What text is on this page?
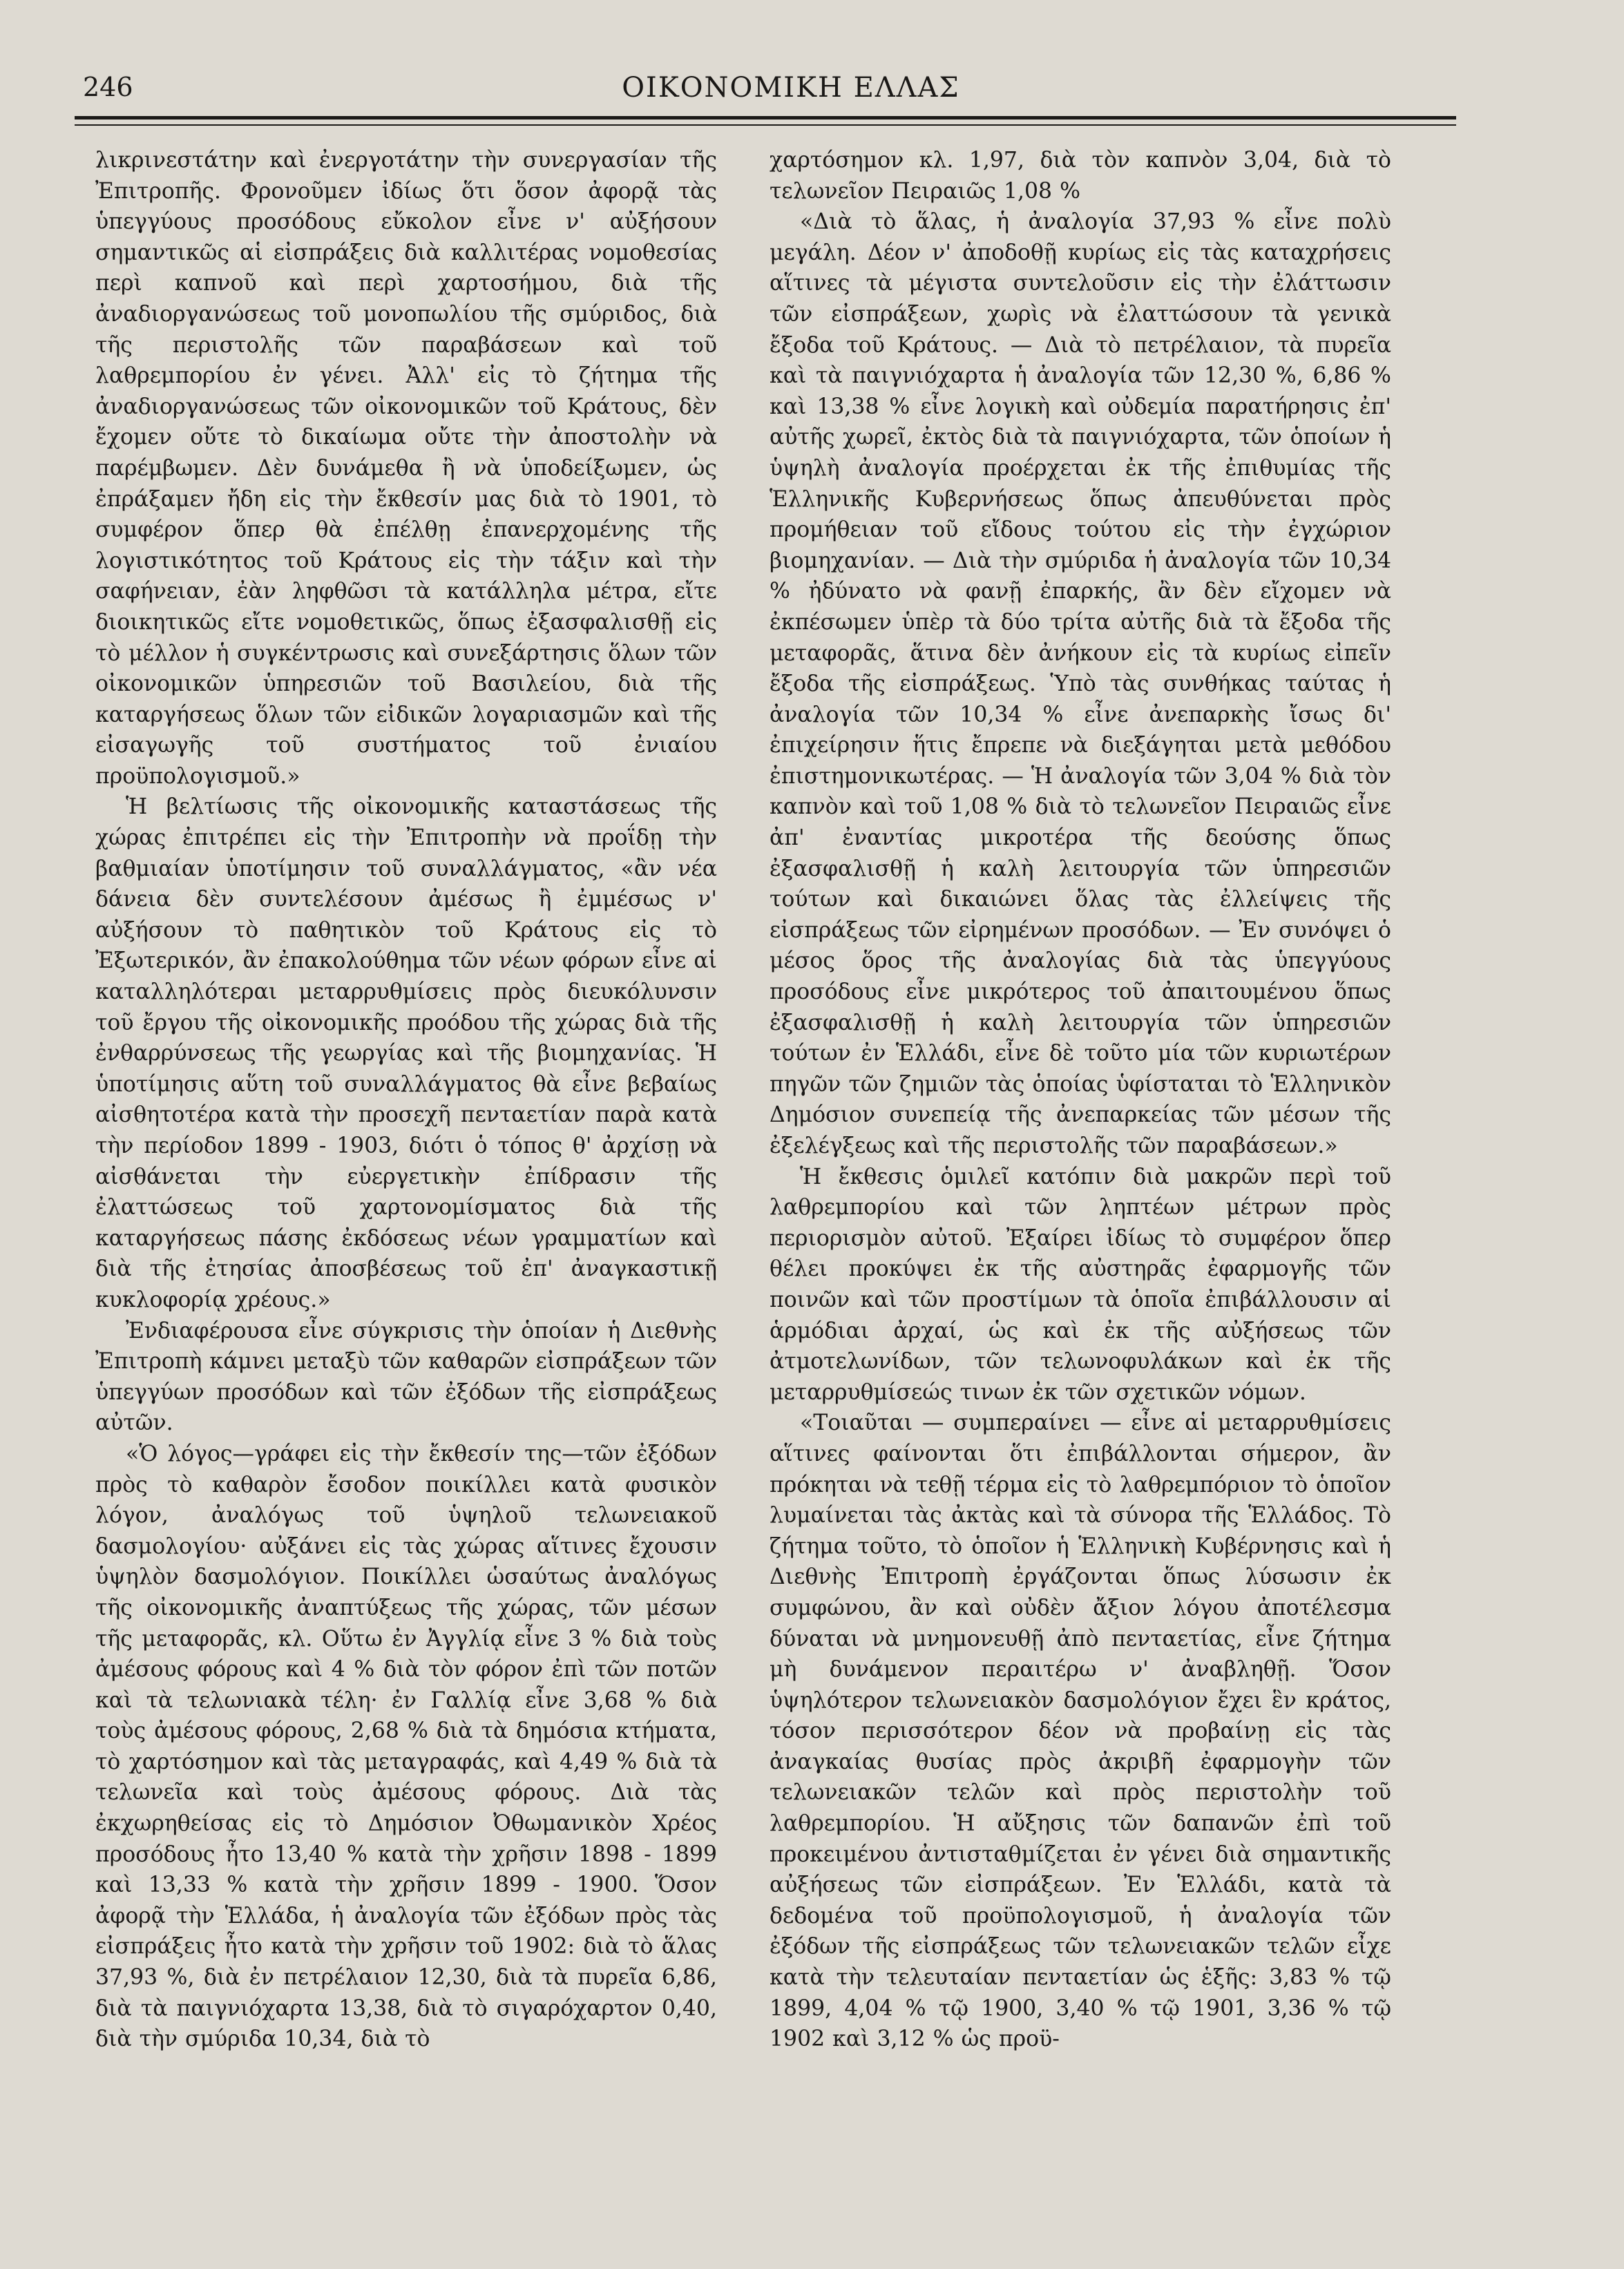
246	ΟΙΚΟΝΟΜΙΚΗ ΕΛΛΑΣ

λικρινεστάτην καὶ ἐνεργοτάτην τὴν συνεργασίαν τῆς Ἐπιτροπῆς. Φρονοῦμεν ἰδίως ὅτι ὅσον ἀφορᾷ τὰς ὑπεγγύους προσόδους εὔκολον εἶνε ν' αὐξήσουν σημαντικῶς αἱ εἰσπράξεις διὰ καλλιτέρας νομοθεσίας περὶ καπνοῦ καὶ περὶ χαρτοσήμου, διὰ τῆς ἀναδιοργανώσεως τοῦ μονοπωλίου τῆς σμύριδος, διὰ τῆς περιστολῆς τῶν παραβάσεων καὶ τοῦ λαθρεμπορίου ἐν γένει. Ἀλλ' εἰς τὸ ζήτημα τῆς ἀναδιοργανώσεως τῶν οἰκονομικῶν τοῦ Κράτους, δὲν ἔχομεν οὔτε τὸ δικαίωμα οὔτε τὴν ἀποστολὴν νὰ παρέμβωμεν. Δὲν δυνάμεθα ἢ νὰ ὑποδείξωμεν, ὡς ἐπράξαμεν ἤδη εἰς τὴν ἔκθεσίν μας διὰ τὸ 1901, τὸ συμφέρον ὅπερ θὰ ἐπέλθῃ ἐπανερχομένης τῆς λογιστικότητος τοῦ Κράτους εἰς τὴν τάξιν καὶ τὴν σαφήνειαν, ἐὰν ληφθῶσι τὰ κατάλληλα μέτρα, εἴτε διοικητικῶς εἴτε νομοθετικῶς, ὅπως ἐξασφαλισθῇ εἰς τὸ μέλλον ἡ συγκέντρωσις καὶ συνεξάρτησις ὅλων τῶν οἰκονομικῶν ὑπηρεσιῶν τοῦ Βασιλείου, διὰ τῆς καταργήσεως ὅλων τῶν εἰδικῶν λογαριασμῶν καὶ τῆς εἰσαγωγῆς τοῦ συστήματος τοῦ ἐνιαίου προϋπολογισμοῦ.»

Ἡ βελτίωσις τῆς οἰκονομικῆς καταστάσεως τῆς χώρας ἐπιτρέπει εἰς τὴν Ἐπιτροπὴν νὰ προΐδῃ τὴν βαθμιαίαν ὑποτίμησιν τοῦ συναλλάγματος, «ἂν νέα δάνεια δὲν συντελέσουν ἀμέσως ἢ ἐμμέσως ν' αὐξήσουν τὸ παθητικὸν τοῦ Κράτους εἰς τὸ Ἐξωτερικόν, ἂν ἐπακολούθημα τῶν νέων φόρων εἶνε αἱ καταλληλότεραι μεταρρυθμίσεις πρὸς διευκόλυνσιν τοῦ ἔργου τῆς οἰκονομικῆς προόδου τῆς χώρας διὰ τῆς ἐνθαρρύνσεως τῆς γεωργίας καὶ τῆς βιομηχανίας. Ἡ ὑποτίμησις αὕτη τοῦ συναλλάγματος θὰ εἶνε βεβαίως αἰσθητοτέρα κατὰ τὴν προσεχῆ πενταετίαν παρὰ κατὰ τὴν περίοδον 1899 - 1903, διότι ὁ τόπος θ' ἀρχίσῃ νὰ αἰσθάνεται τὴν εὐεργετικὴν ἐπίδρασιν τῆς ἐλαττώσεως τοῦ χαρτονομίσματος διὰ τῆς καταργήσεως πάσης ἐκδόσεως νέων γραμματίων καὶ διὰ τῆς ἐτησίας ἀποσβέσεως τοῦ ἐπ' ἀναγκαστικῇ κυκλοφορίᾳ χρέους.»

Ἐνδιαφέρουσα εἶνε σύγκρισις τὴν ὁποίαν ἡ Διεθνὴς Ἐπιτροπὴ κάμνει μεταξὺ τῶν καθαρῶν εἰσπράξεων τῶν ὑπεγγύων προσόδων καὶ τῶν ἐξόδων τῆς εἰσπράξεως αὐτῶν.

«Ὁ λόγος—γράφει εἰς τὴν ἔκθεσίν της—τῶν ἐξόδων πρὸς τὸ καθαρὸν ἔσοδον ποικίλλει κατὰ φυσικὸν λόγον, ἀναλόγως τοῦ ὑψηλοῦ τελωνειακοῦ δασμολογίου· αὐξάνει εἰς τὰς χώρας αἵτινες ἔχουσιν ὑψηλὸν δασμολόγιον. Ποικίλλει ὡσαύτως ἀναλόγως τῆς οἰκονομικῆς ἀναπτύξεως τῆς χώρας, τῶν μέσων τῆς μεταφορᾶς, κλ. Οὕτω ἐν Ἀγγλίᾳ εἶνε 3 % διὰ τοὺς ἀμέσους φόρους καὶ 4 % διὰ τὸν φόρον ἐπὶ τῶν ποτῶν καὶ τὰ τελωνιακὰ τέλη· ἐν Γαλλίᾳ εἶνε 3,68 % διὰ τοὺς ἀμέσους φόρους, 2,68 % διὰ τὰ δημόσια κτήματα, τὸ χαρτόσημον καὶ τὰς μεταγραφάς, καὶ 4,49 % διὰ τὰ τελωνεῖα καὶ τοὺς ἀμέσους φόρους. Διὰ τὰς ἐκχωρηθείσας εἰς τὸ Δημόσιον Ὀθωμανικὸν Χρέος προσόδους ἦτο 13,40 % κατὰ τὴν χρῆσιν 1898 - 1899 καὶ 13,33 % κατὰ τὴν χρῆσιν 1899 - 1900. Ὅσον ἀφορᾷ τὴν Ἑλλάδα, ἡ ἀναλογία τῶν ἐξόδων πρὸς τὰς εἰσπράξεις ἦτο κατὰ τὴν χρῆσιν τοῦ 1902: διὰ τὸ ἅλας 37,93 %, διὰ ἐν πετρέλαιον 12,30, διὰ τὰ πυρεῖα 6,86, διὰ τὰ παιγνιόχαρτα 13,38, διὰ τὸ σιγαρόχαρτον 0,40, διὰ τὴν σμύριδα 10,34, διὰ τὸ

χαρτόσημον κλ. 1,97, διὰ τὸν καπνὸν 3,04, διὰ τὸ τελωνεῖον Πειραιῶς 1,08 %

«Διὰ τὸ ἅλας, ἡ ἀναλογία 37,93 % εἶνε πολὺ μεγάλη. Δέον ν' ἀποδοθῇ κυρίως εἰς τὰς καταχρήσεις αἵτινες τὰ μέγιστα συντελοῦσιν εἰς τὴν ἐλάττωσιν τῶν εἰσπράξεων, χωρὶς νὰ ἐλαττώσουν τὰ γενικὰ ἔξοδα τοῦ Κράτους. — Διὰ τὸ πετρέλαιον, τὰ πυρεῖα καὶ τὰ παιγνιόχαρτα ἡ ἀναλογία τῶν 12,30 %, 6,86 % καὶ 13,38 % εἶνε λογικὴ καὶ οὐδεμία παρατήρησις ἐπ' αὐτῆς χωρεῖ, ἐκτὸς διὰ τὰ παιγνιόχαρτα, τῶν ὁποίων ἡ ὑψηλὴ ἀναλογία προέρχεται ἐκ τῆς ἐπιθυμίας τῆς Ἑλληνικῆς Κυβερνήσεως ὅπως ἀπευθύνεται πρὸς προμήθειαν τοῦ εἴδους τούτου εἰς τὴν ἐγχώριον βιομηχανίαν. — Διὰ τὴν σμύριδα ἡ ἀναλογία τῶν 10,34 % ἠδύνατο νὰ φανῇ ἐπαρκής, ἂν δὲν εἴχομεν νὰ ἐκπέσωμεν ὑπὲρ τὰ δύο τρίτα αὐτῆς διὰ τὰ ἔξοδα τῆς μεταφορᾶς, ἅτινα δὲν ἀνήκουν εἰς τὰ κυρίως εἰπεῖν ἔξοδα τῆς εἰσπράξεως. Ὑπὸ τὰς συνθήκας ταύτας ἡ ἀναλογία τῶν 10,34 % εἶνε ἀνεπαρκὴς ἴσως δι' ἐπιχείρησιν ἥτις ἔπρεπε νὰ διεξάγηται μετὰ μεθόδου ἐπιστημονικωτέρας. — Ἡ ἀναλογία τῶν 3,04 % διὰ τὸν καπνὸν καὶ τοῦ 1,08 % διὰ τὸ τελωνεῖον Πειραιῶς εἶνε ἀπ' ἐναντίας μικροτέρα τῆς δεούσης ὅπως ἐξασφαλισθῇ ἡ καλὴ λειτουργία τῶν ὑπηρεσιῶν τούτων καὶ δικαιώνει ὅλας τὰς ἐλλείψεις τῆς εἰσπράξεως τῶν εἰρημένων προσόδων. — Ἐν συνόψει ὁ μέσος ὅρος τῆς ἀναλογίας διὰ τὰς ὑπεγγύους προσόδους εἶνε μικρότερος τοῦ ἀπαιτουμένου ὅπως ἐξασφαλισθῇ ἡ καλὴ λειτουργία τῶν ὑπηρεσιῶν τούτων ἐν Ἑλλάδι, εἶνε δὲ τοῦτο μία τῶν κυριωτέρων πηγῶν τῶν ζημιῶν τὰς ὁποίας ὑφίσταται τὸ Ἑλληνικὸν Δημόσιον συνεπείᾳ τῆς ἀνεπαρκείας τῶν μέσων τῆς ἐξελέγξεως καὶ τῆς περιστολῆς τῶν παραβάσεων.»

Ἡ ἔκθεσις ὁμιλεῖ κατόπιν διὰ μακρῶν περὶ τοῦ λαθρεμπορίου καὶ τῶν ληπτέων μέτρων πρὸς περιορισμὸν αὐτοῦ. Ἐξαίρει ἰδίως τὸ συμφέρον ὅπερ θέλει προκύψει ἐκ τῆς αὐστηρᾶς ἐφαρμογῆς τῶν ποινῶν καὶ τῶν προστίμων τὰ ὁποῖα ἐπιβάλλουσιν αἱ ἁρμόδιαι ἀρχαί, ὡς καὶ ἐκ τῆς αὐξήσεως τῶν ἀτμοτελωνίδων, τῶν τελωνοφυλάκων καὶ ἐκ τῆς μεταρρυθμίσεώς τινων ἐκ τῶν σχετικῶν νόμων.

«Τοιαῦται — συμπεραίνει — εἶνε αἱ μεταρρυθμίσεις αἵτινες φαίνονται ὅτι ἐπιβάλλονται σήμερον, ἂν πρόκηται νὰ τεθῇ τέρμα εἰς τὸ λαθρεμπόριον τὸ ὁποῖον λυμαίνεται τὰς ἀκτὰς καὶ τὰ σύνορα τῆς Ἑλλάδος. Τὸ ζήτημα τοῦτο, τὸ ὁποῖον ἡ Ἑλληνικὴ Κυβέρνησις καὶ ἡ Διεθνὴς Ἐπιτροπὴ ἐργάζονται ὅπως λύσωσιν ἐκ συμφώνου, ἂν καὶ οὐδὲν ἄξιον λόγου ἀποτέλεσμα δύναται νὰ μνημονευθῇ ἀπὸ πενταετίας, εἶνε ζήτημα μὴ δυνάμενον περαιτέρω ν' ἀναβληθῇ. Ὅσον ὑψηλότερον τελωνειακὸν δασμολόγιον ἔχει ἓν κράτος, τόσον περισσότερον δέον νὰ προβαίνῃ εἰς τὰς ἀναγκαίας θυσίας πρὸς ἀκριβῆ ἐφαρμογὴν τῶν τελωνειακῶν τελῶν καὶ πρὸς περιστολὴν τοῦ λαθρεμπορίου. Ἡ αὔξησις τῶν δαπανῶν ἐπὶ τοῦ προκειμένου ἀντισταθμίζεται ἐν γένει διὰ σημαντικῆς αὐξήσεως τῶν εἰσπράξεων. Ἐν Ἑλλάδι, κατὰ τὰ δεδομένα τοῦ προϋπολογισμοῦ, ἡ ἀναλογία τῶν ἐξόδων τῆς εἰσπράξεως τῶν τελωνειακῶν τελῶν εἶχε κατὰ τὴν τελευταίαν πενταετίαν ὡς ἑξῆς: 3,83 % τῷ 1899, 4,04 % τῷ 1900, 3,40 % τῷ 1901, 3,36 % τῷ 1902 καὶ 3,12 % ὡς προϋ-
